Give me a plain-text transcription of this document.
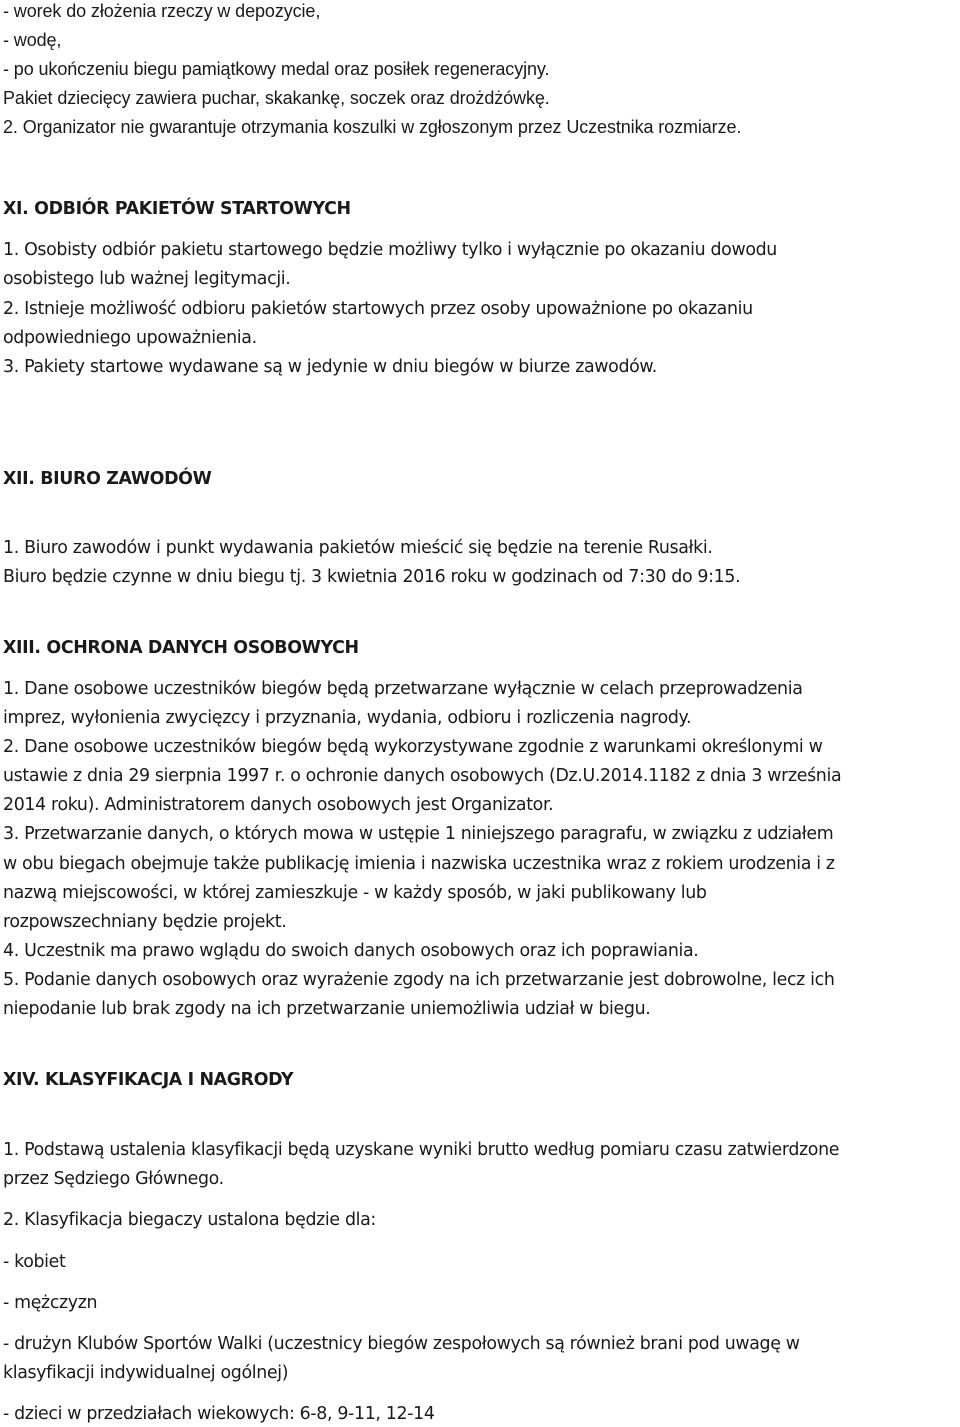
- worek do złożenia rzeczy w depozycie,
- wodę,
- po ukończeniu biegu pamiątkowy medal oraz posiłek regeneracyjny.
Pakiet dziecięcy zawiera puchar, skakankę, soczek oraz drożdżówkę.
2. Organizator nie gwarantuje otrzymania koszulki w zgłoszonym przez Uczestnika rozmiarze.
XI. ODBIÓR PAKIETÓW STARTOWYCH
1. Osobisty odbiór pakietu startowego będzie możliwy tylko i wyłącznie po okazaniu dowodu
osobistego lub ważnej legitymacji.
2. Istnieje możliwość odbioru pakietów startowych przez osoby upoważnione po okazaniu
odpowiedniego upoważnienia.
3. Pakiety startowe wydawane są w jedynie w dniu biegów w biurze zawodów.
XII. BIURO ZAWODÓW
1. Biuro zawodów i punkt wydawania pakietów mieścić się będzie na terenie Rusałki.
Biuro będzie czynne w dniu biegu tj. 3 kwietnia 2016 roku w godzinach od 7:30 do 9:15.
XIII. OCHRONA DANYCH OSOBOWYCH
1. Dane osobowe uczestników biegów będą przetwarzane wyłącznie w celach przeprowadzenia
imprez, wyłonienia zwycięzcy i przyznania, wydania, odbioru i rozliczenia nagrody.
2. Dane osobowe uczestników biegów będą wykorzystywane zgodnie z warunkami określonymi w
ustawie z dnia 29 sierpnia 1997 r. o ochronie danych osobowych (Dz.U.2014.1182 z dnia 3 września
2014 roku). Administratorem danych osobowych jest Organizator.
3. Przetwarzanie danych, o których mowa w ustępie 1 niniejszego paragrafu, w związku z udziałem
w obu biegach obejmuje także publikację imienia i nazwiska uczestnika wraz z rokiem urodzenia i z
nazwą miejscowości, w której zamieszkuje - w każdy sposób, w jaki publikowany lub
rozpowszechniany będzie projekt.
4. Uczestnik ma prawo wglądu do swoich danych osobowych oraz ich poprawiania.
5. Podanie danych osobowych oraz wyrażenie zgody na ich przetwarzanie jest dobrowolne, lecz ich
niepodanie lub brak zgody na ich przetwarzanie uniemożliwia udział w biegu.
XIV. KLASYFIKACJA I NAGRODY
1. Podstawą ustalenia klasyfikacji będą uzyskane wyniki brutto według pomiaru czasu zatwierdzone
przez Sędziego Głównego.
2. Klasyfikacja biegaczy ustalona będzie dla:
- kobiet
- mężczyzn
- drużyn Klubów Sportów Walki (uczestnicy biegów zespołowych są również brani pod uwagę w
klasyfikacji indywidualnej ogólnej)
- dzieci w przedziałach wiekowych: 6-8, 9-11, 12-14
